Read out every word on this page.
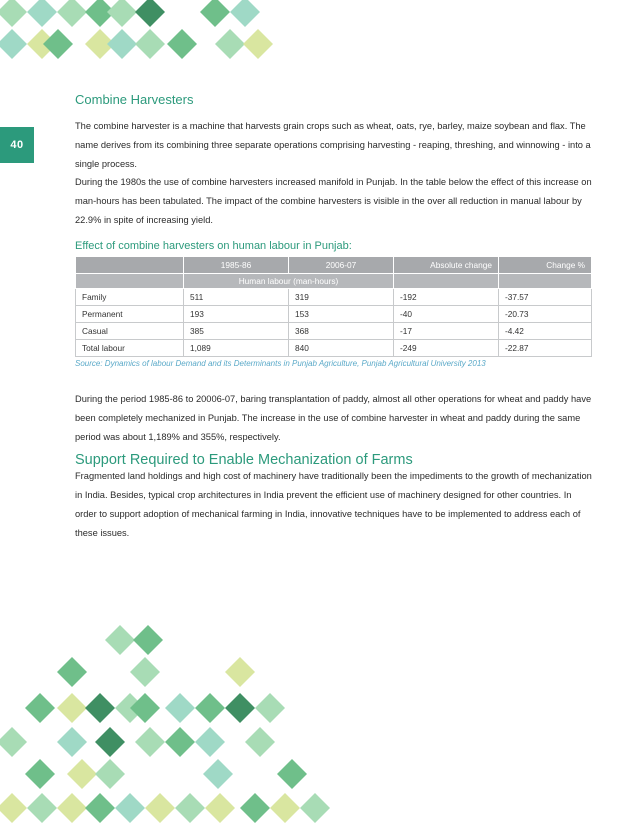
40
Combine Harvesters

The combine harvester is a machine that harvests grain crops such as wheat, oats, rye, barley, maize soybean and flax. The name derives from its combining three separate operations comprising harvesting - reaping, threshing, and winnowing - into a single process.

During the 1980s the use of combine harvesters increased manifold in Punjab. In the table below the effect of this increase on man-hours has been tabulated. The impact of the combine harvesters is visible in the over all reduction in manual labour by 22.9% in spite of increasing yield.

Effect of combine harvesters on human labour in Punjab:

	1985-86	2006-07	Absolute change	Change %
	Human labour (man-hours)			
Family	511	319	-192	-37.57
Permanent	193	153	-40	-20.73
Casual	385	368	-17	-4.42
Total labour	1,089	840	-249	-22.87

Source: Dynamics of labour Demand and its Determinants in Punjab Agriculture, Punjab Agricultural University 2013

During the period 1985-86 to 20006-07, baring transplantation of paddy, almost all other operations for wheat and paddy have been completely mechanized in Punjab. The increase in the use of combine harvester in wheat and paddy during the same period was about 1,189% and 355%, respectively.

Support Required to Enable Mechanization of Farms

Fragmented land holdings and high cost of machinery have traditionally been the impediments to the growth of mechanization in India. Besides, typical crop architectures in India prevent the efficient use of machinery designed for other countries. In order to support adoption of mechanical farming in India, innovative techniques have to be implemented to address each of these issues.
